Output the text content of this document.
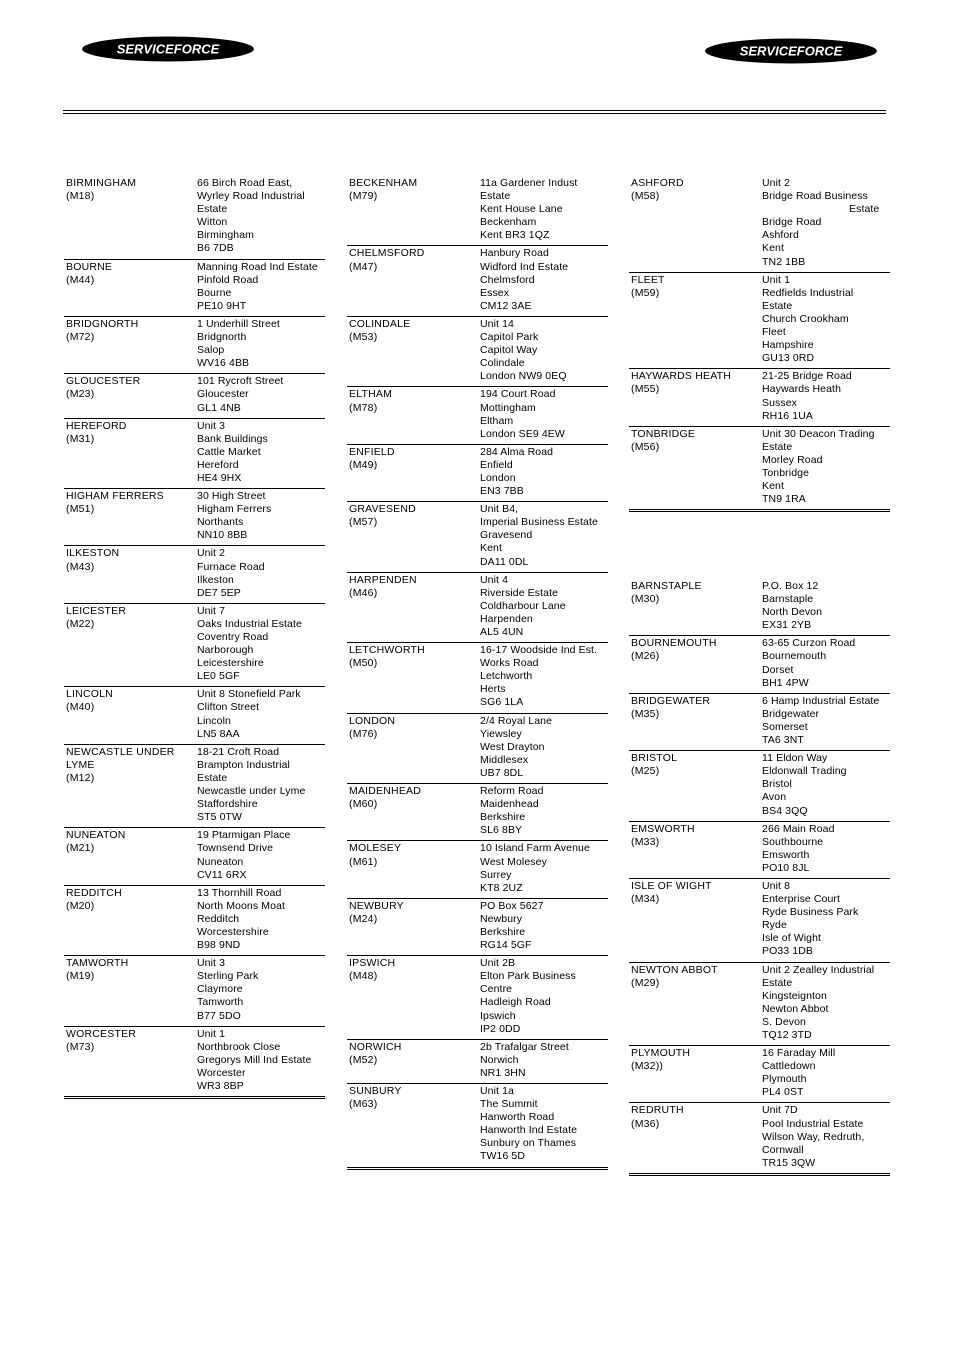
SERVICEFORCE	SERVICEFORCE
BIRMINGHAM
(M18)
66 Birch Road East,
Wyrley Road Industrial
Estate
Witton
Birmingham
B6 7DB
BOURNE
(M44)
Manning Road Ind Estate
Pinfold Road
Bourne
PE10 9HT
BRIDGNORTH
(M72)
1 Underhill Street
Bridgnorth
Salop
WV16 4BB
GLOUCESTER
(M23)
101 Rycroft Street
Gloucester
GL1 4NB
HEREFORD
(M31)
Unit 3
Bank Buildings
Cattle Market
Hereford
HE4 9HX
HIGHAM FERRERS
(M51)
30 High Street
Higham Ferrers
Northants
NN10 8BB
ILKESTON
(M43)
Unit 2
Furnace Road
Ilkeston
DE7 5EP
LEICESTER
(M22)
Unit 7
Oaks Industrial Estate
Coventry Road
Narborough
Leicestershire
LE0 5GF
LINCOLN
(M40)
Unit 8 Stonefield Park
Clifton Street
Lincoln
LN5 8AA
NEWCASTLE UNDER
LYME
(M12)
18-21 Croft Road
Brampton Industrial
Estate
Newcastle under Lyme
Staffordshire
ST5 0TW
NUNEATON
(M21)
19 Ptarmigan Place
Townsend Drive
Nuneaton
CV11 6RX
REDDITCH
(M20)
13 Thornhill Road
North Moons Moat
Redditch
Worcestershire
B98 9ND
TAMWORTH
(M19)
Unit 3
Sterling Park
Claymore
Tamworth
B77 5DO
WORCESTER
(M73)
Unit 1
Northbrook Close
Gregorys Mill Ind Estate
Worcester
WR3 8BP
BECKENHAM
(M79)
11a Gardener Indust
Estate
Kent House Lane
Beckenham
Kent BR3 1QZ
CHELMSFORD
(M47)
Hanbury Road
Widford Ind Estate
Chelmsford
Essex
CM12 3AE
COLINDALE
(M53)
Unit 14
Capitol Park
Capitol Way
Colindale
London NW9 0EQ
ELTHAM
(M78)
194 Court Road
Mottingham
Eltham
London SE9 4EW
ENFIELD
(M49)
284 Alma Road
Enfield
London
EN3 7BB
GRAVESEND
(M57)
Unit B4,
Imperial Business Estate
Gravesend
Kent
DA11 0DL
HARPENDEN
(M46)
Unit 4
Riverside Estate
Coldharbour Lane
Harpenden
AL5 4UN
LETCHWORTH
(M50)
16-17 Woodside Ind Est.
Works Road
Letchworth
Herts
SG6 1LA
LONDON
(M76)
2/4 Royal Lane
Yiewsley
West Drayton
Middlesex
UB7 8DL
MAIDENHEAD
(M60)
Reform Road
Maidenhead
Berkshire
SL6 8BY
MOLESEY
(M61)
10 Island Farm Avenue
West Molesey
Surrey
KT8 2UZ
NEWBURY
(M24)
PO Box 5627
Newbury
Berkshire
RG14 5GF
IPSWICH
(M48)
Unit 2B
Elton Park Business
Centre
Hadleigh Road
Ipswich
IP2 0DD
NORWICH
(M52)
2b Trafalgar Street
Norwich
NR1 3HN
SUNBURY
(M63)
Unit 1a
The Summit
Hanworth Road
Hanworth Ind Estate
Sunbury on Thames
TW16 5D
ASHFORD
(M58)
Unit 2
Bridge Road Business
Estate
Bridge Road
Ashford
Kent
TN2 1BB
FLEET
(M59)
Unit 1
Redfields Industrial
Estate
Church Crookham
Fleet
Hampshire
GU13 0RD
HAYWARDS HEATH
(M55)
21-25 Bridge Road
Haywards Heath
Sussex
RH16 1UA
TONBRIDGE
(M56)
Unit 30 Deacon Trading
Estate
Morley Road
Tonbridge
Kent
TN9 1RA
BARNSTAPLE
(M30)
P.O. Box 12
Barnstaple
North Devon
EX31 2YB
BOURNEMOUTH
(M26)
63-65 Curzon Road
Bournemouth
Dorset
BH1 4PW
BRIDGEWATER
(M35)
6 Hamp Industrial Estate
Bridgewater
Somerset
TA6 3NT
BRISTOL
(M25)
11 Eldon Way
Eldonwall Trading
Bristol
Avon
BS4 3QQ
EMSWORTH
(M33)
266 Main Road
Southbourne
Emsworth
PO10 8JL
ISLE OF WIGHT
(M34)
Unit 8
Enterprise Court
Ryde Business Park
Ryde
Isle of Wight
PO33 1DB
NEWTON ABBOT
(M29)
Unit 2 Zealley Industrial
Estate
Kingsteignton
Newton Abbot
S. Devon
TQ12 3TD
PLYMOUTH
(M32))
16 Faraday Mill
Cattledown
Plymouth
PL4 0ST
REDRUTH
(M36)
Unit 7D
Pool Industrial Estate
Wilson Way, Redruth,
Cornwall
TR15 3QW
